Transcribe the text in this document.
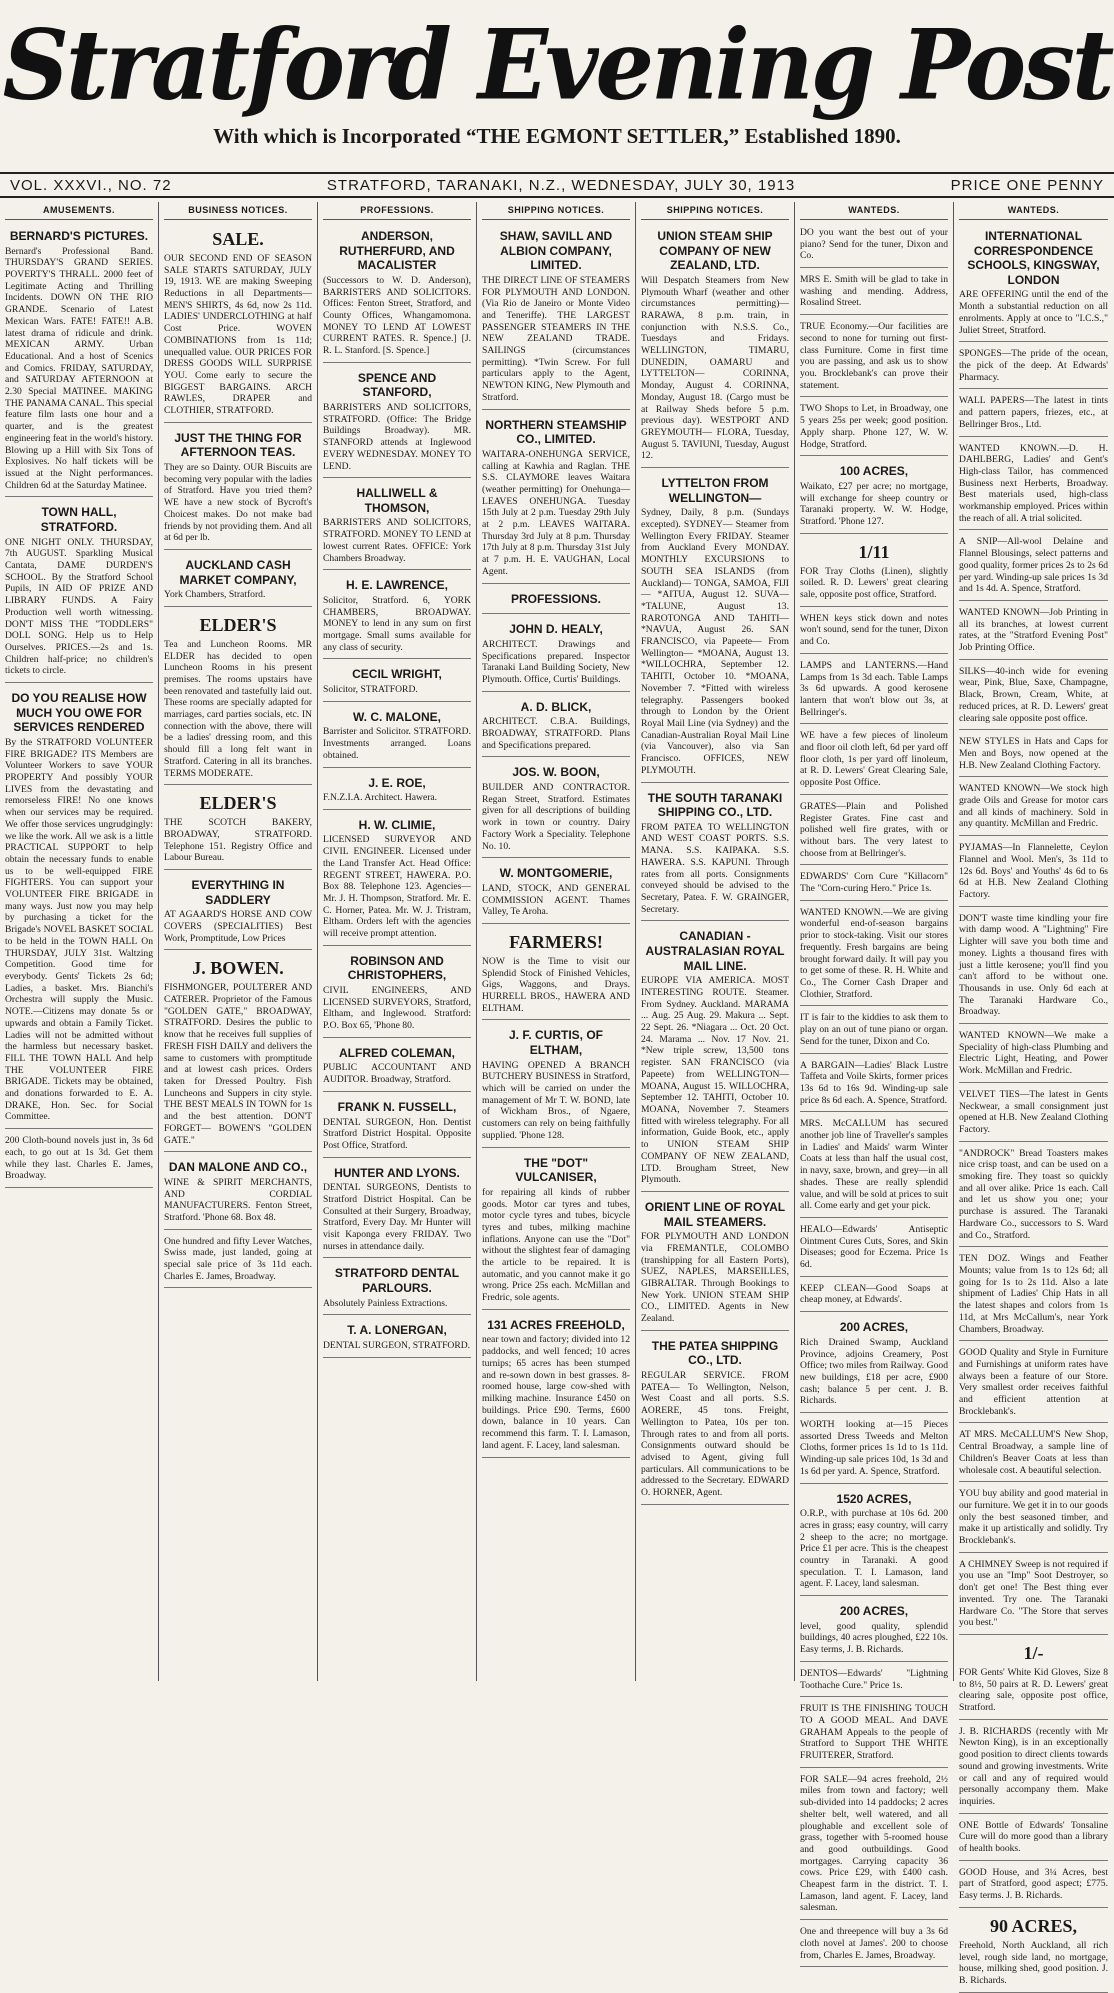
Stratford Evening Post
With which is Incorporated “THE EGMONT SETTLER,” Established 1890.
VOL. XXXVI., NO. 72	STRATFORD, TARANAKI, N.Z., WEDNESDAY, JULY 30, 1913	PRICE ONE PENNY
AMUSEMENTS.
BERNARD'S PICTURES.
Bernard's Professional Band. THURSDAY'S GRAND SERIES. POVERTY'S THRALL. 2000 feet of Legitimate Acting and Thrilling Incidents. DOWN ON THE RIO GRANDE. Scenario of Latest Mexican Wars. FATE! FATE!! A.B. latest drama of ridicule and drink. MEXICAN ARMY. Urban Educational. And a host of Scenics and Comics. FRIDAY, SATURDAY, and SATURDAY AFTERNOON at 2.30 Special MATINEE. MAKING THE PANAMA CANAL. This special feature film lasts one hour and a quarter, and is the greatest engineering feat in the world's history. Blowing up a Hill with Six Tons of Explosives. No half tickets will be issued at the Night performances. Children 6d at the Saturday Matinee.
TOWN HALL, STRATFORD.
ONE NIGHT ONLY. THURSDAY, 7th AUGUST. Sparkling Musical Cantata, DAME DURDEN'S SCHOOL. By the Stratford School Pupils, IN AID OF PRIZE AND LIBRARY FUNDS. A Fairy Production well worth witnessing. DON'T MISS THE "TODDLERS" DOLL SONG. Help us to Help Ourselves. PRICES.—2s and 1s. Children half-price; no children's tickets to circle.
DO YOU REALISE HOW MUCH YOU OWE FOR SERVICES RENDERED
By the STRATFORD VOLUNTEER FIRE BRIGADE? ITS Members are Volunteer Workers to save YOUR PROPERTY And possibly YOUR LIVES from the devastating and remorseless FIRE! No one knows when our services may be required. We offer those services ungrudgingly: we like the work. All we ask is a little PRACTICAL SUPPORT to help obtain the necessary funds to enable us to be well-equipped FIRE FIGHTERS. You can support your VOLUNTEER FIRE BRIGADE in many ways. Just now you may help by purchasing a ticket for the Brigade's NOVEL BASKET SOCIAL to be held in the TOWN HALL On THURSDAY, JULY 31st. Waltzing Competition. Good time for everybody. Gents' Tickets 2s 6d; Ladies, a basket. Mrs. Bianchi's Orchestra will supply the Music. NOTE.—Citizens may donate 5s or upwards and obtain a Family Ticket. Ladies will not be admitted without the harmless but necessary basket. FILL THE TOWN HALL And help THE VOLUNTEER FIRE BRIGADE. Tickets may be obtained, and donations forwarded to E. A. DRAKE, Hon. Sec. for Social Committee.
200 Cloth-bound novels just in, 3s 6d each, to go out at 1s 3d. Get them while they last. Charles E. James, Broadway.
BUSINESS NOTICES.
SALE.
OUR SECOND END OF SEASON SALE STARTS SATURDAY, JULY 19, 1913. WE are making Sweeping Reductions in all Departments— MEN'S SHIRTS, 4s 6d, now 2s 11d. LADIES' UNDERCLOTHING at half Cost Price. WOVEN COMBINATIONS from 1s 11d; unequalled value. OUR PRICES FOR DRESS GOODS WILL SURPRISE YOU. Come early to secure the BIGGEST BARGAINS. ARCH RAWLES, DRAPER and CLOTHIER, STRATFORD.
JUST THE THING FOR AFTERNOON TEAS.
They are so Dainty. OUR Biscuits are becoming very popular with the ladies of Stratford. Have you tried them? WE have a new stock of Bycroft's Choicest makes. Do not make bad friends by not providing them. And all at 6d per lb.
AUCKLAND CASH MARKET COMPANY,
York Chambers, Stratford.
ELDER'S
Tea and Luncheon Rooms. MR ELDER has decided to open Luncheon Rooms in his present premises. The rooms upstairs have been renovated and tastefully laid out. These rooms are specially adapted for marriages, card parties socials, etc. IN connection with the above, there will be a ladies' dressing room, and this should fill a long felt want in Stratford. Catering in all its branches. TERMS MODERATE.
ELDER'S
THE SCOTCH BAKERY, BROADWAY, STRATFORD. Telephone 151. Registry Office and Labour Bureau.
EVERYTHING IN SADDLERY
AT AGAARD'S HORSE AND COW COVERS (SPECIALITIES) Best Work, Promptitude, Low Prices
J. BOWEN.
FISHMONGER, POULTERER AND CATERER. Proprietor of the Famous "GOLDEN GATE," BROADWAY, STRATFORD. Desires the public to know that he receives full supplies of FRESH FISH DAILY and delivers the same to customers with promptitude and at lowest cash prices. Orders taken for Dressed Poultry. Fish Luncheons and Suppers in city style. THE BEST MEALS IN TOWN for 1s and the best attention. DON'T FORGET— BOWEN'S "GOLDEN GATE."
DAN MALONE AND CO.,
WINE & SPIRIT MERCHANTS, AND CORDIAL MANUFACTURERS. Fenton Street, Stratford. 'Phone 68. Box 48.
One hundred and fifty Lever Watches, Swiss made, just landed, going at special sale price of 3s 11d each. Charles E. James, Broadway.
PROFESSIONS.
ANDERSON, RUTHERFURD, AND MACALISTER
(Successors to W. D. Anderson), BARRISTERS AND SOLICITORS. Offices: Fenton Street, Stratford, and County Offices, Whangamomona. MONEY TO LEND AT LOWEST CURRENT RATES. R. Spence.] [J. R. L. Stanford. [S. Spence.]
SPENCE AND STANFORD,
BARRISTERS AND SOLICITORS, STRATFORD. (Office: The Bridge Buildings Broadway). MR. STANFORD attends at Inglewood EVERY WEDNESDAY. MONEY TO LEND.
HALLIWELL & THOMSON,
BARRISTERS AND SOLICITORS, STRATFORD. MONEY TO LEND at lowest current Rates. OFFICE: York Chambers Broadway.
H. E. LAWRENCE,
Solicitor, Stratford. 6, YORK CHAMBERS, BROADWAY. MONEY to lend in any sum on first mortgage. Small sums available for any class of security.
CECIL WRIGHT,
Solicitor, STRATFORD.
W. C. MALONE,
Barrister and Solicitor. STRATFORD. Investments arranged. Loans obtained.
J. E. ROE,
F.N.Z.I.A. Architect. Hawera.
H. W. CLIMIE,
LICENSED SURVEYOR AND CIVIL ENGINEER. Licensed under the Land Transfer Act. Head Office: REGENT STREET, HAWERA. P.O. Box 88. Telephone 123. Agencies— Mr. J. H. Thompson, Stratford. Mr. E. C. Horner, Patea. Mr. W. J. Tristram, Eltham. Orders left with the agencies will receive prompt attention.
ROBINSON AND CHRISTOPHERS,
CIVIL ENGINEERS, AND LICENSED SURVEYORS, Stratford, Eltham, and Inglewood. Stratford: P.O. Box 65, 'Phone 80.
ALFRED COLEMAN,
PUBLIC ACCOUNTANT AND AUDITOR. Broadway, Stratford.
FRANK N. FUSSELL,
DENTAL SURGEON, Hon. Dentist Stratford District Hospital. Opposite Post Office, Stratford.
HUNTER AND LYONS.
DENTAL SURGEONS, Dentists to Stratford District Hospital. Can be Consulted at their Surgery, Broadway, Stratford, Every Day. Mr Hunter will visit Kaponga every FRIDAY. Two nurses in attendance daily.
STRATFORD DENTAL PARLOURS.
Absolutely Painless Extractions.
T. A. LONERGAN,
DENTAL SURGEON, STRATFORD.
SHIPPING NOTICES.
SHAW, SAVILL AND ALBION COMPANY, LIMITED.
THE DIRECT LINE OF STEAMERS FOR PLYMOUTH AND LONDON. (Via Rio de Janeiro or Monte Video and Teneriffe). THE LARGEST PASSENGER STEAMERS IN THE NEW ZEALAND TRADE. SAILINGS (circumstances permitting). *Twin Screw. For full particulars apply to the Agent, NEWTON KING, New Plymouth and Stratford.
NORTHERN STEAMSHIP CO., LIMITED.
WAITARA-ONEHUNGA SERVICE, calling at Kawhia and Raglan. THE S.S. CLAYMORE leaves Waitara (weather permitting) for Onehunga— LEAVES ONEHUNGA. Tuesday 15th July at 2 p.m. Tuesday 29th July at 2 p.m. LEAVES WAITARA. Thursday 3rd July at 8 p.m. Thursday 17th July at 8 p.m. Thursday 31st July at 7 p.m. H. E. VAUGHAN, Local Agent.
PROFESSIONS.
JOHN D. HEALY,
ARCHITECT. Drawings and Specifications prepared. Inspector Taranaki Land Building Society, New Plymouth. Office, Curtis' Buildings.
A. D. BLICK,
ARCHITECT. C.B.A. Buildings, BROADWAY, STRATFORD. Plans and Specifications prepared.
JOS. W. BOON,
BUILDER AND CONTRACTOR. Regan Street, Stratford. Estimates given for all descriptions of building work in town or country. Dairy Factory Work a Speciality. Telephone No. 10.
W. MONTGOMERIE,
LAND, STOCK, AND GENERAL COMMISSION AGENT. Thames Valley, Te Aroha.
FARMERS!
NOW is the Time to visit our Splendid Stock of Finished Vehicles, Gigs, Waggons, and Drays. HURRELL BROS., HAWERA AND ELTHAM.
J. F. CURTIS, OF ELTHAM,
HAVING OPENED A BRANCH BUTCHERY BUSINESS in Stratford, which will be carried on under the management of Mr T. W. BOND, late of Wickham Bros., of Ngaere, customers can rely on being faithfully supplied. 'Phone 128.
THE "DOT" VULCANISER,
for repairing all kinds of rubber goods. Motor car tyres and tubes, motor cycle tyres and tubes, bicycle tyres and tubes, milking machine inflations. Anyone can use the "Dot" without the slightest fear of damaging the article to be repaired. It is automatic, and you cannot make it go wrong. Price 25s each. McMillan and Fredric, sole agents.
131 ACRES FREEHOLD,
near town and factory; divided into 12 paddocks, and well fenced; 10 acres turnips; 65 acres has been stumped and re-sown down in best grasses. 8-roomed house, large cow-shed with milking machine. Insurance £450 on buildings. Price £90. Terms, £600 down, balance in 10 years. Can recommend this farm. T. I. Lamason, land agent. F. Lacey, land salesman.
SHIPPING NOTICES.
UNION STEAM SHIP COMPANY OF NEW ZEALAND, LTD.
Will Despatch Steamers from New Plymouth Wharf (weather and other circumstances permitting)— RARAWA, 8 p.m. train, in conjunction with N.S.S. Co., Tuesdays and Fridays. WELLINGTON, TIMARU, DUNEDIN, OAMARU and LYTTELTON— CORINNA, Monday, August 4. CORINNA, Monday, August 18. (Cargo must be at Railway Sheds before 5 p.m. previous day). WESTPORT AND GREYMOUTH— FLORA, Tuesday, August 5. TAVIUNI, Tuesday, August 12.
LYTTELTON FROM WELLINGTON—
Sydney, Daily, 8 p.m. (Sundays excepted). SYDNEY— Steamer from Wellington Every FRIDAY. Steamer from Auckland Every MONDAY. MONTHLY EXCURSIONS to SOUTH SEA ISLANDS (from Auckland)— TONGA, SAMOA, FIJI— *AITUA, August 12. SUVA— *TALUNE, August 13. RAROTONGA AND TAHITI— *NAVUA, August 26. SAN FRANCISCO, via Papeete— From Wellington— *MOANA, August 13. *WILLOCHRA, September 12. TAHITI, October 10. *MOANA, November 7. *Fitted with wireless telegraphy. Passengers booked through to London by the Orient Royal Mail Line (via Sydney) and the Canadian-Australian Royal Mail Line (via Vancouver), also via San Francisco. OFFICES, NEW PLYMOUTH.
THE SOUTH TARANAKI SHIPPING CO., LTD.
FROM PATEA TO WELLINGTON AND WEST COAST PORTS. S.S. MANA. S.S. KAIPAKA. S.S. HAWERA. S.S. KAPUNI. Through rates from all ports. Consignments conveyed should be advised to the Secretary, Patea. F. W. GRAINGER, Secretary.
CANADIAN - AUSTRALASIAN ROYAL MAIL LINE.
EUROPE VIA AMERICA. MOST INTERESTING ROUTE. Steamer. From Sydney. Auckland. MARAMA ... Aug. 25 Aug. 29. Makura ... Sept. 22 Sept. 26. *Niagara ... Oct. 20 Oct. 24. Marama ... Nov. 17 Nov. 21. *New triple screw, 13,500 tons register. SAN FRANCISCO (via Papeete) from WELLINGTON— MOANA, August 15. WILLOCHRA, September 12. TAHITI, October 10. MOANA, November 7. Steamers fitted with wireless telegraphy. For all information, Guide Book, etc., apply to UNION STEAM SHIP COMPANY OF NEW ZEALAND, LTD. Brougham Street, New Plymouth.
ORIENT LINE OF ROYAL MAIL STEAMERS.
FOR PLYMOUTH AND LONDON via FREMANTLE, COLOMBO (transhipping for all Eastern Ports), SUEZ, NAPLES, MARSEILLES, GIBRALTAR. Through Bookings to New York. UNION STEAM SHIP CO., LIMITED. Agents in New Zealand.
THE PATEA SHIPPING CO., LTD.
REGULAR SERVICE. FROM PATEA— To Wellington, Nelson, West Coast and all ports. S.S. AORERE, 45 tons. Freight, Wellington to Patea, 10s per ton. Through rates to and from all ports. Consignments outward should be advised to Agent, giving full particulars. All communications to be addressed to the Secretary. EDWARD O. HORNER, Agent.
WANTEDS.
DO you want the best out of your piano? Send for the tuner, Dixon and Co.
MRS E. Smith will be glad to take in washing and mending. Address, Rosalind Street.
TRUE Economy.—Our facilities are second to none for turning out first-class Furniture. Come in first time you are passing, and ask us to show you. Brocklebank's can prove their statement.
TWO Shops to Let, in Broadway, one 5 years 25s per week; good position. Apply sharp. Phone 127, W. W. Hodge, Stratford.
100 ACRES,
Waikato, £27 per acre; no mortgage, will exchange for sheep country or Taranaki property. W. W. Hodge, Stratford. 'Phone 127.
1/11
FOR Tray Cloths (Linen), slightly soiled. R. D. Lewers' great clearing sale, opposite post office, Stratford.
WHEN keys stick down and notes won't sound, send for the tuner, Dixon and Co.
LAMPS and LANTERNS.—Hand Lamps from 1s 3d each. Table Lamps 3s 6d upwards. A good kerosene lantern that won't blow out 3s, at Bellringer's.
WE have a few pieces of linoleum and floor oil cloth left, 6d per yard off floor cloth, 1s per yard off linoleum, at R. D. Lewers' Great Clearing Sale, opposite Post Office.
GRATES—Plain and Polished Register Grates. Fine cast and polished well fire grates, with or without bars. The very latest to choose from at Bellringer's.
EDWARDS' Corn Cure "Killacorn" The "Corn-curing Hero." Price 1s.
WANTED KNOWN.—We are giving wonderful end-of-season bargains prior to stock-taking. Visit our stores frequently. Fresh bargains are being brought forward daily. It will pay you to get some of these. R. H. White and Co., The Corner Cash Draper and Clothier, Stratford.
IT is fair to the kiddies to ask them to play on an out of tune piano or organ. Send for the tuner, Dixon and Co.
A BARGAIN—Ladies' Black Lustre Taffeta and Voile Skirts, former prices 13s 6d to 16s 9d. Winding-up sale price 8s 6d each. A. Spence, Stratford.
MRS. McCALLUM has secured another job line of Traveller's samples in Ladies' and Maids' warm Winter Coats at less than half the usual cost, in navy, saxe, brown, and grey—in all shades. These are really splendid value, and will be sold at prices to suit all. Come early and get your pick.
HEALO—Edwards' Antiseptic Ointment Cures Cuts, Sores, and Skin Diseases; good for Eczema. Price 1s 6d.
KEEP CLEAN—Good Soaps at cheap money, at Edwards'.
200 ACRES,
Rich Drained Swamp, Auckland Province, adjoins Creamery, Post Office; two miles from Railway. Good new buildings, £18 per acre, £900 cash; balance 5 per cent. J. B. Richards.
WORTH looking at—15 Pieces assorted Dress Tweeds and Melton Cloths, former prices 1s 1d to 1s 11d. Winding-up sale prices 10d, 1s 3d and 1s 6d per yard. A. Spence, Stratford.
1520 ACRES,
O.R.P., with purchase at 10s 6d. 200 acres in grass; easy country, will carry 2 sheep to the acre; no mortgage. Price £1 per acre. This is the cheapest country in Taranaki. A good speculation. T. I. Lamason, land agent. F. Lacey, land salesman.
200 ACRES,
level, good quality, splendid buildings, 40 acres ploughed, £22 10s. Easy terms, J. B. Richards.
DENTOS—Edwards' "Lightning Toothache Cure." Price 1s.
FRUIT IS THE FINISHING TOUCH TO A GOOD MEAL. And DAVE GRAHAM Appeals to the people of Stratford to Support THE WHITE FRUITERER, Stratford.
FOR SALE—94 acres freehold, 2½ miles from town and factory; well sub-divided into 14 paddocks; 2 acres shelter belt, well watered, and all ploughable and excellent sole of grass, together with 5-roomed house and good outbuildings. Good mortgages. Carrying capacity 36 cows. Price £29, with £400 cash. Cheapest farm in the district. T. I. Lamason, land agent. F. Lacey, land salesman.
One and threepence will buy a 3s 6d cloth novel at James'. 200 to choose from, Charles E. James, Broadway.
WANTEDS.
INTERNATIONAL CORRESPONDENCE SCHOOLS, KINGSWAY, LONDON
ARE OFFERING until the end of the Month a substantial reduction on all enrolments. Apply at once to "I.C.S.," Juliet Street, Stratford.
SPONGES—The pride of the ocean, the pick of the deep. At Edwards' Pharmacy.
WALL PAPERS—The latest in tints and pattern papers, friezes, etc., at Bellringer Bros., Ltd.
WANTED KNOWN.—D. H. DAHLBERG, Ladies' and Gent's High-class Tailor, has commenced Business next Herberts, Broadway. Best materials used, high-class workmanship employed. Prices within the reach of all. A trial solicited.
A SNIP—All-wool Delaine and Flannel Blousings, select patterns and good quality, former prices 2s to 2s 6d per yard. Winding-up sale prices 1s 3d and 1s 4d. A. Spence, Stratford.
WANTED KNOWN—Job Printing in all its branches, at lowest current rates, at the "Stratford Evening Post" Job Printing Office.
SILKS—40-inch wide for evening wear, Pink, Blue, Saxe, Champagne, Black, Brown, Cream, White, at reduced prices, at R. D. Lewers' great clearing sale opposite post office.
NEW STYLES in Hats and Caps for Men and Boys, now opened at the H.B. New Zealand Clothing Factory.
WANTED KNOWN—We stock high grade Oils and Grease for motor cars and all kinds of machinery. Sold in any quantity. McMillan and Fredric.
PYJAMAS—In Flannelette, Ceylon Flannel and Wool. Men's, 3s 11d to 12s 6d. Boys' and Youths' 4s 6d to 6s 6d at H.B. New Zealand Clothing Factory.
DON'T waste time kindling your fire with damp wood. A "Lightning" Fire Lighter will save you both time and money. Lights a thousand fires with just a little kerosene; you'll find you can't afford to be without one. Thousands in use. Only 6d each at The Taranaki Hardware Co., Broadway.
WANTED KNOWN—We make a Speciality of high-class Plumbing and Electric Light, Heating, and Power Work. McMillan and Fredric.
VELVET TIES—The latest in Gents Neckwear, a small consignment just opened at H.B. New Zealand Clothing Factory.
"ANDROCK" Bread Toasters makes nice crisp toast, and can be used on a smoking fire. They toast so quickly and all over alike. Price 1s each. Call and let us show you one; your purchase is assured. The Taranaki Hardware Co., successors to S. Ward and Co., Stratford.
TEN DOZ. Wings and Feather Mounts; value from 1s to 12s 6d; all going for 1s to 2s 11d. Also a late shipment of Ladies' Chip Hats in all the latest shapes and colors from 1s 11d, at Mrs McCallum's, near York Chambers, Broadway.
GOOD Quality and Style in Furniture and Furnishings at uniform rates have always been a feature of our Store. Very smallest order receives faithful and efficient attention at Brocklebank's.
AT MRS. McCALLUM'S New Shop, Central Broadway, a sample line of Children's Beaver Coats at less than wholesale cost. A beautiful selection.
YOU buy ability and good material in our furniture. We get it in to our goods only the best seasoned timber, and make it up artistically and solidly. Try Brocklebank's.
A CHIMNEY Sweep is not required if you use an "Imp" Soot Destroyer, so don't get one! The Best thing ever invented. Try one. The Taranaki Hardware Co. "The Store that serves you best."
1/-
FOR Gents' White Kid Gloves, Size 8 to 8½, 50 pairs at R. D. Lewers' great clearing sale, opposite post office, Stratford.
J. B. RICHARDS (recently with Mr Newton King), is in an exceptionally good position to direct clients towards sound and growing investments. Write or call and any of required would personally accompany them. Make inquiries.
ONE Bottle of Edwards' Tonsaline Cure will do more good than a library of health books.
GOOD House, and 3¼ Acres, best part of Stratford, good aspect; £775. Easy terms. J. B. Richards.
90 ACRES,
Freehold, North Auckland, all rich level, rough side land, no mortgage, house, milking shed, good position. J. B. Richards.
